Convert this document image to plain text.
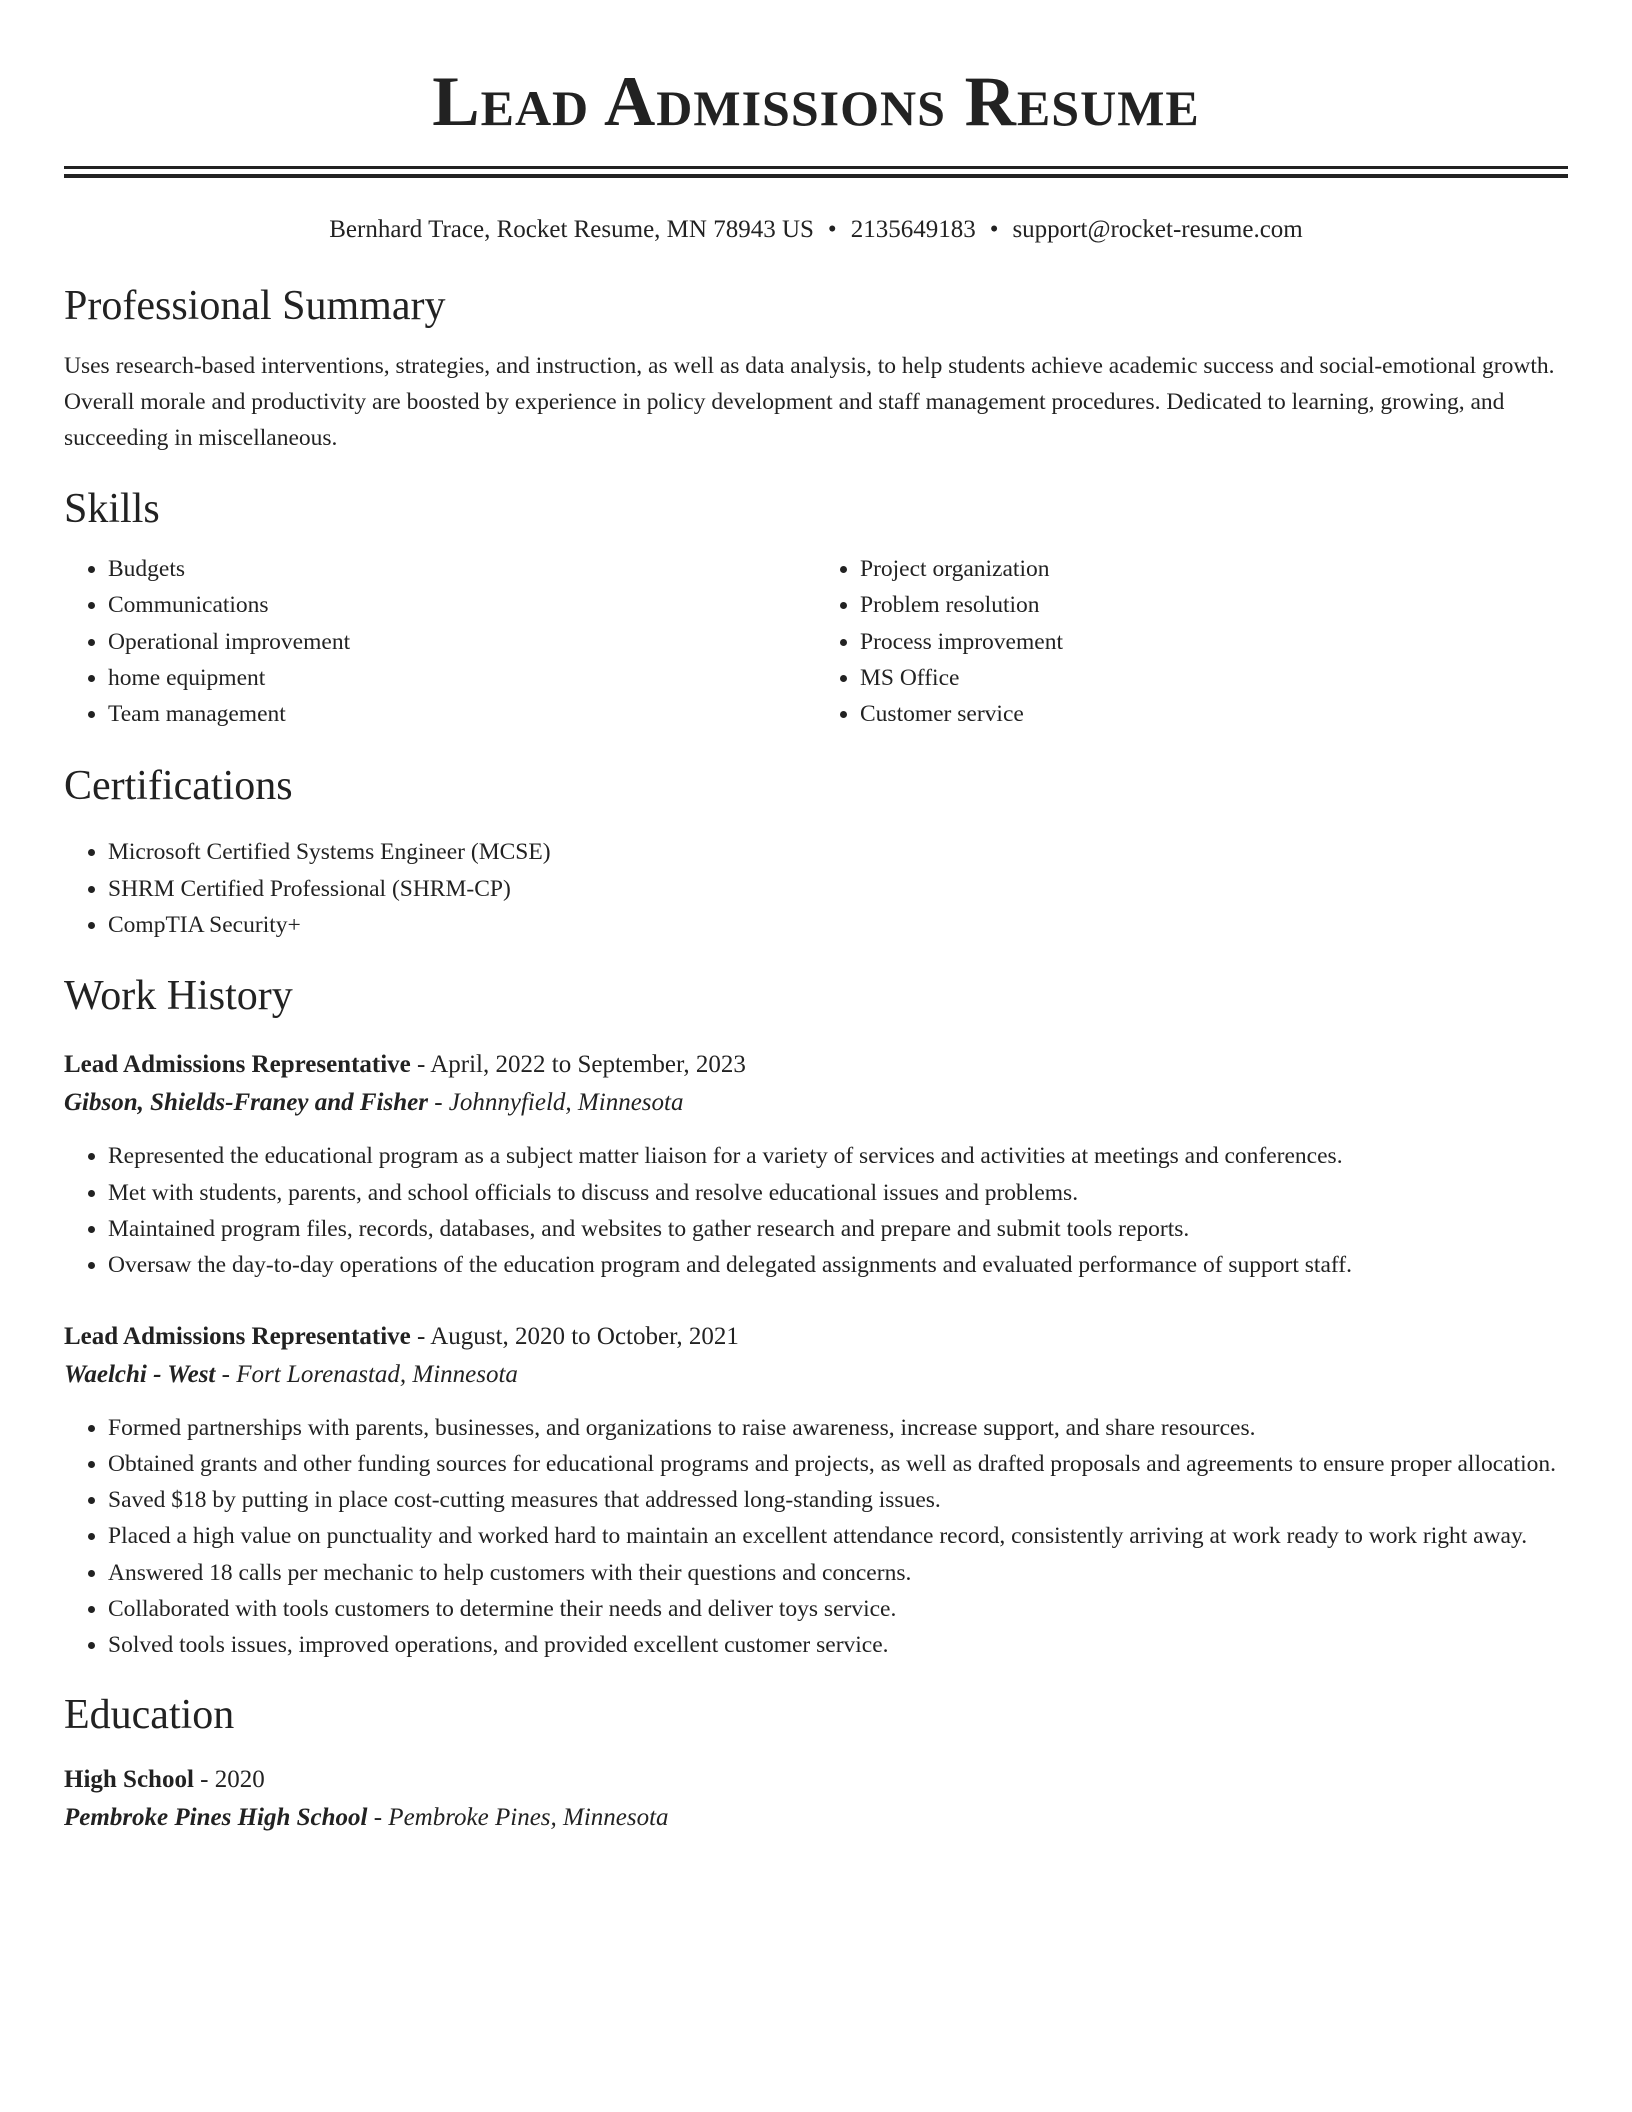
Lead Admissions Resume
Bernhard Trace, Rocket Resume, MN 78943 US • 2135649183 • support@rocket-resume.com
Professional Summary

Uses research-based interventions, strategies, and instruction, as well as data analysis, to help students achieve academic success and social-emotional growth. Overall morale and productivity are boosted by experience in policy development and staff management procedures. Dedicated to learning, growing, and succeeding in miscellaneous.

Skills
• Budgets
• Communications
• Operational improvement
• home equipment
• Team management
• Project organization
• Problem resolution
• Process improvement
• MS Office
• Customer service
Certifications
• Microsoft Certified Systems Engineer (MCSE)
• SHRM Certified Professional (SHRM-CP)
• CompTIA Security+
Work History
Lead Admissions Representative - April, 2022 to September, 2023
Gibson, Shields-Franey and Fisher - Johnnyfield, Minnesota
• Represented the educational program as a subject matter liaison for a variety of services and activities at meetings and conferences.
• Met with students, parents, and school officials to discuss and resolve educational issues and problems.
• Maintained program files, records, databases, and websites to gather research and prepare and submit tools reports.
• Oversaw the day-to-day operations of the education program and delegated assignments and evaluated performance of support staff.
Lead Admissions Representative - August, 2020 to October, 2021
Waelchi - West - Fort Lorenastad, Minnesota
• Formed partnerships with parents, businesses, and organizations to raise awareness, increase support, and share resources.
• Obtained grants and other funding sources for educational programs and projects, as well as drafted proposals and agreements to ensure proper allocation.
• Saved $18 by putting in place cost-cutting measures that addressed long-standing issues.
• Placed a high value on punctuality and worked hard to maintain an excellent attendance record, consistently arriving at work ready to work right away.
• Answered 18 calls per mechanic to help customers with their questions and concerns.
• Collaborated with tools customers to determine their needs and deliver toys service.
• Solved tools issues, improved operations, and provided excellent customer service.
Education
High School - 2020
Pembroke Pines High School - Pembroke Pines, Minnesota
